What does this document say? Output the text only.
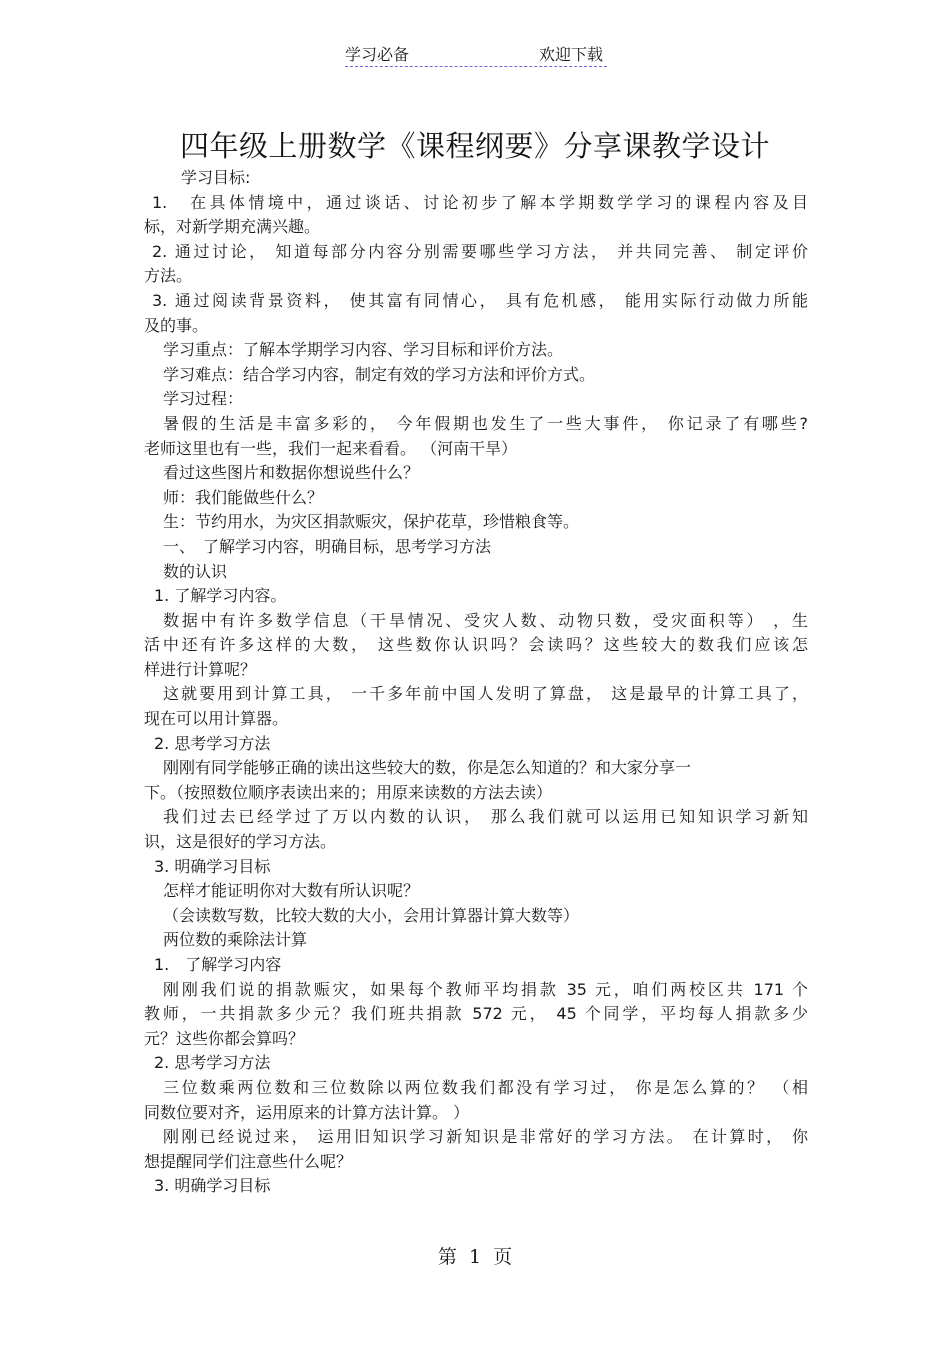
学习必备	欢迎下载
四年级上册数学《课程纲要》分享课教学设计

学习目标:

1.　在具体情境中，通过谈话、讨论初步了解本学期数学学习的课程内容及目

标，对新学期充满兴趣。

2. 通过讨论， 知道每部分内容分别需要哪些学习方法， 并共同完善、 制定评价

方法。

3. 通过阅读背景资料， 使其富有同情心， 具有危机感， 能用实际行动做力所能

及的事。

学习重点：了解本学期学习内容、学习目标和评价方法。

学习难点：结合学习内容，制定有效的学习方法和评价方式。

学习过程：

暑假的生活是丰富多彩的， 今年假期也发生了一些大事件， 你记录了有哪些?

老师这里也有一些，我们一起来看看。 （河南干旱）

看过这些图片和数据你想说些什么？

师：我们能做些什么？

生：节约用水，为灾区捐款赈灾，保护花草，珍惜粮食等。

一、　了解学习内容，明确目标，思考学习方法

数的认识

1. 了解学习内容。

数据中有许多数学信息（干旱情况、受灾人数、动物只数，受灾面积等） ，生

活中还有许多这样的大数， 这些数你认识吗？会读吗？这些较大的数我们应该怎

样进行计算呢？

这就要用到计算工具， 一千多年前中国人发明了算盘， 这是最早的计算工具了，

现在可以用计算器。

2. 思考学习方法

刚刚有同学能够正确的读出这些较大的数，你是怎么知道的？和大家分享一

下。（按照数位顺序表读出来的；用原来读数的方法去读）

我们过去已经学过了万以内数的认识， 那么我们就可以运用已知知识学习新知

识，这是很好的学习方法。

3. 明确学习目标

怎样才能证明你对大数有所认识呢？

（会读数写数，比较大数的大小，会用计算器计算大数等）

两位数的乘除法计算

1.　了解学习内容

刚刚我们说的捐款赈灾，如果每个教师平均捐款 35 元，咱们两校区共 171 个

教师，一共捐款多少元？我们班共捐款 572 元， 45 个同学，平均每人捐款多少

元？这些你都会算吗？

2. 思考学习方法

三位数乘两位数和三位数除以两位数我们都没有学习过， 你是怎么算的？ （相

同数位要对齐，运用原来的计算方法计算。 ）

刚刚已经说过来， 运用旧知识学习新知识是非常好的学习方法。 在计算时， 你

想提醒同学们注意些什么呢？

3. 明确学习目标

第 1 页
